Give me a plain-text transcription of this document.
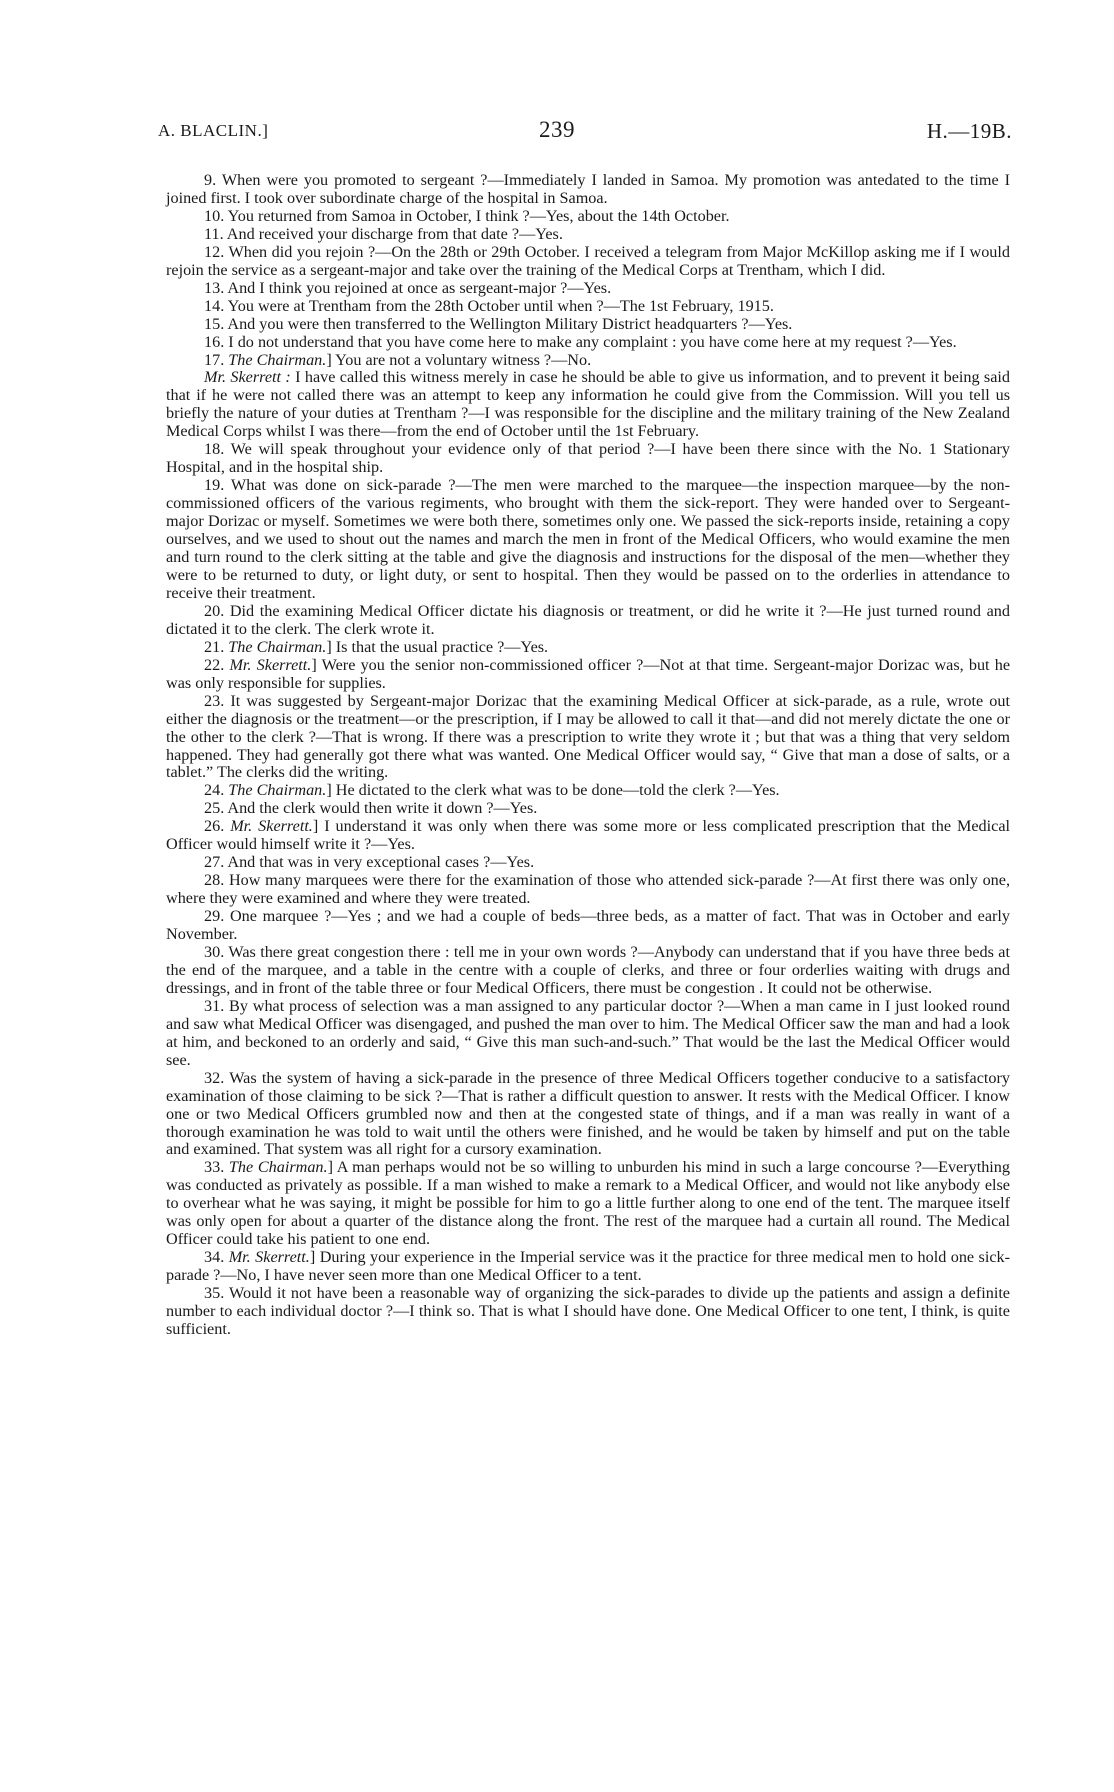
A. BLACLIN.]	239	H.—19B.

9. When were you promoted to sergeant ?—Immediately I landed in Samoa. My promotion was antedated to the time I joined first. I took over subordinate charge of the hospital in Samoa.

10. You returned from Samoa in October, I think ?—Yes, about the 14th October.

11. And received your discharge from that date ?—Yes.

12. When did you rejoin ?—On the 28th or 29th October. I received a telegram from Major McKillop asking me if I would rejoin the service as a sergeant-major and take over the training of the Medical Corps at Trentham, which I did.

13. And I think you rejoined at once as sergeant-major ?—Yes.

14. You were at Trentham from the 28th October until when ?—The 1st February, 1915.

15. And you were then transferred to the Wellington Military District headquarters ?—Yes.

16. I do not understand that you have come here to make any complaint : you have come here at my request ?—Yes.

17. The Chairman.] You are not a voluntary witness ?—No.

Mr. Skerrett : I have called this witness merely in case he should be able to give us information, and to prevent it being said that if he were not called there was an attempt to keep any information he could give from the Commission. Will you tell us briefly the nature of your duties at Trentham ?—I was responsible for the discipline and the military training of the New Zealand Medical Corps whilst I was there—from the end of October until the 1st February.

18. We will speak throughout your evidence only of that period ?—I have been there since with the No. 1 Stationary Hospital, and in the hospital ship.

19. What was done on sick-parade ?—The men were marched to the marquee—the inspection marquee—by the non-commissioned officers of the various regiments, who brought with them the sick-report. They were handed over to Sergeant-major Dorizac or myself. Sometimes we were both there, sometimes only one. We passed the sick-reports inside, retaining a copy ourselves, and we used to shout out the names and march the men in front of the Medical Officers, who would examine the men and turn round to the clerk sitting at the table and give the diagnosis and instructions for the disposal of the men—whether they were to be returned to duty, or light duty, or sent to hospital. Then they would be passed on to the orderlies in attendance to receive their treatment.

20. Did the examining Medical Officer dictate his diagnosis or treatment, or did he write it ?—He just turned round and dictated it to the clerk. The clerk wrote it.

21. The Chairman.] Is that the usual practice ?—Yes.

22. Mr. Skerrett.] Were you the senior non-commissioned officer ?—Not at that time. Sergeant-major Dorizac was, but he was only responsible for supplies.

23. It was suggested by Sergeant-major Dorizac that the examining Medical Officer at sick-parade, as a rule, wrote out either the diagnosis or the treatment—or the prescription, if I may be allowed to call it that—and did not merely dictate the one or the other to the clerk ?—That is wrong. If there was a prescription to write they wrote it ; but that was a thing that very seldom happened. They had generally got there what was wanted. One Medical Officer would say, “ Give that man a dose of salts, or a tablet.” The clerks did the writing.

24. The Chairman.] He dictated to the clerk what was to be done—told the clerk ?—Yes.

25. And the clerk would then write it down ?—Yes.

26. Mr. Skerrett.] I understand it was only when there was some more or less complicated prescription that the Medical Officer would himself write it ?—Yes.

27. And that was in very exceptional cases ?—Yes.

28. How many marquees were there for the examination of those who attended sick-parade ?—At first there was only one, where they were examined and where they were treated.

29. One marquee ?—Yes ; and we had a couple of beds—three beds, as a matter of fact. That was in October and early November.

30. Was there great congestion there : tell me in your own words ?—Anybody can understand that if you have three beds at the end of the marquee, and a table in the centre with a couple of clerks, and three or four orderlies waiting with drugs and dressings, and in front of the table three or four Medical Officers, there must be congestion . It could not be otherwise.

31. By what process of selection was a man assigned to any particular doctor ?—When a man came in I just looked round and saw what Medical Officer was disengaged, and pushed the man over to him. The Medical Officer saw the man and had a look at him, and beckoned to an orderly and said, “ Give this man such-and-such.” That would be the last the Medical Officer would see.

32. Was the system of having a sick-parade in the presence of three Medical Officers together conducive to a satisfactory examination of those claiming to be sick ?—That is rather a difficult question to answer. It rests with the Medical Officer. I know one or two Medical Officers grumbled now and then at the congested state of things, and if a man was really in want of a thorough examination he was told to wait until the others were finished, and he would be taken by himself and put on the table and examined. That system was all right for a cursory examination.

33. The Chairman.] A man perhaps would not be so willing to unburden his mind in such a large concourse ?—Everything was conducted as privately as possible. If a man wished to make a remark to a Medical Officer, and would not like anybody else to overhear what he was saying, it might be possible for him to go a little further along to one end of the tent. The marquee itself was only open for about a quarter of the distance along the front. The rest of the marquee had a curtain all round. The Medical Officer could take his patient to one end.

34. Mr. Skerrett.] During your experience in the Imperial service was it the practice for three medical men to hold one sick-parade ?—No, I have never seen more than one Medical Officer to a tent.

35. Would it not have been a reasonable way of organizing the sick-parades to divide up the patients and assign a definite number to each individual doctor ?—I think so. That is what I should have done. One Medical Officer to one tent, I think, is quite sufficient.
